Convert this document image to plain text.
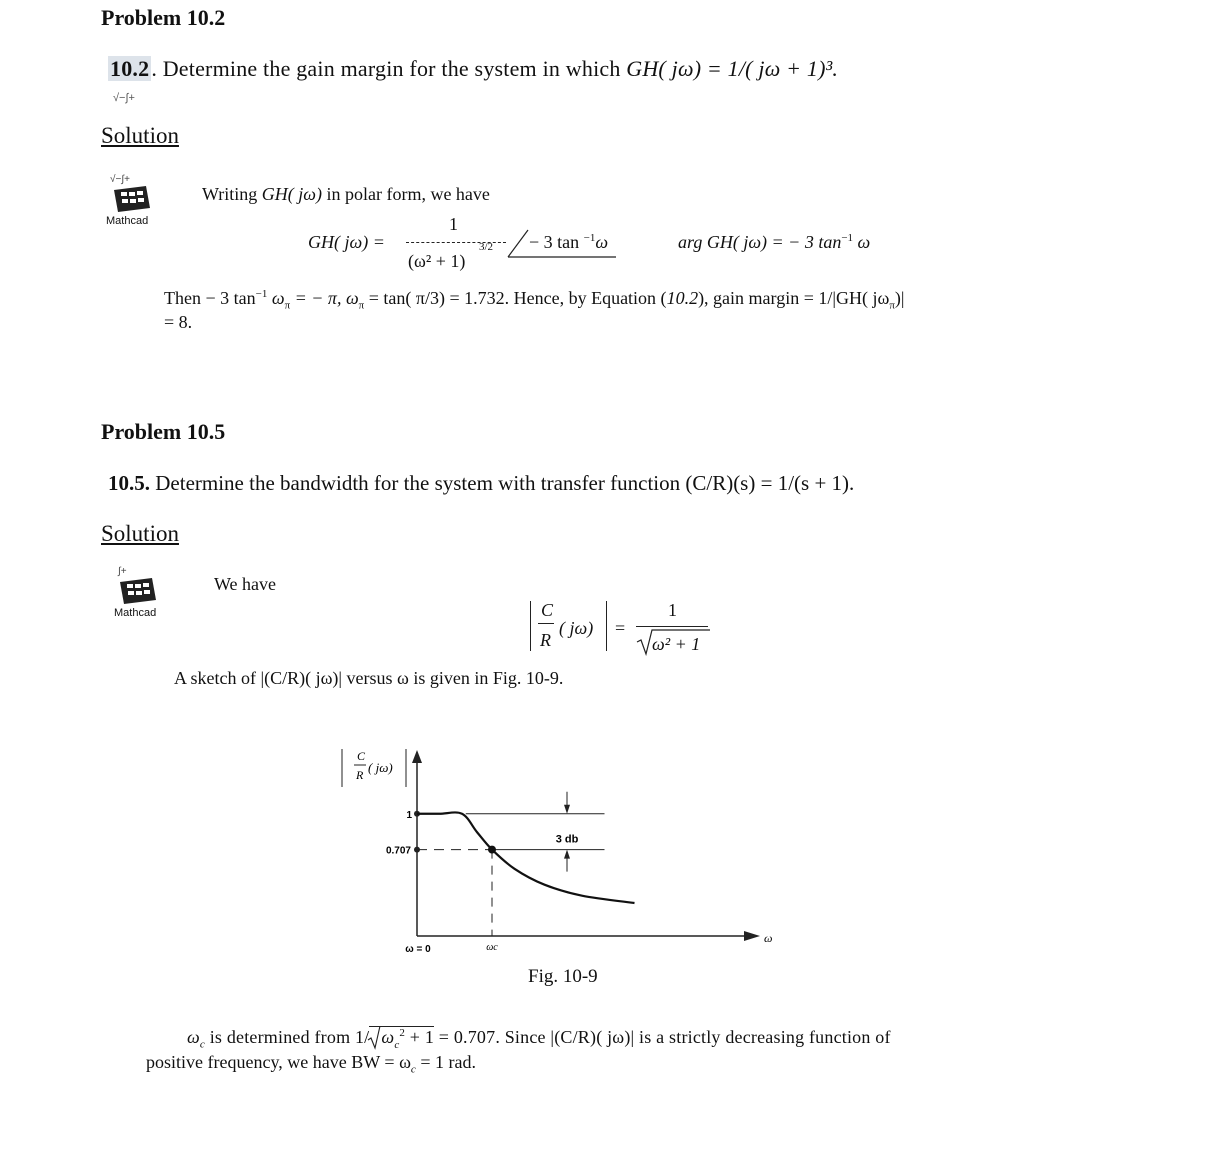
Problem 10.2
10.2. Determine the gain margin for the system in which GH( jω) = 1/( jω + 1)³.
√−∫+
Solution
√−∫+
Mathcad
Writing GH( jω) in polar form, we have
GH( jω) =
1
(ω² + 1)
3/2 − 3 tan $^{-1}$ω	arg GH( jω) = − 3 $\tan^{-1} \omega$
Then − 3 $\tan^{-1} \omega_\pi$ = − π, $\omega_\pi = \tan$( π/3) = 1.732. Hence, by Equation (10.2), gain margin = 1/|GH( $j\omega_\pi)|$
= 8.
Problem 10.5
10.5. Determine the bandwidth for the system with transfer function (C/R)(s) = 1/(s + 1).
Solution
∫+
Mathcad
We have
C
R
( jω) =
1
ω² + 1
A sketch of |(C/R)( jω)| versus ω is given in Fig. 10-9.
C
R ( jω)
ω
1
0.707
3 db
ω = 0	ωc
Fig. 10-9
$\omega_c$ is determined from 1/ $\omega_c^2 + 1 = 0.707$. Since |(C/R)( jω)| is a strictly decreasing function of
positive frequency, we have BW = $\omega_c = 1$ rad.
